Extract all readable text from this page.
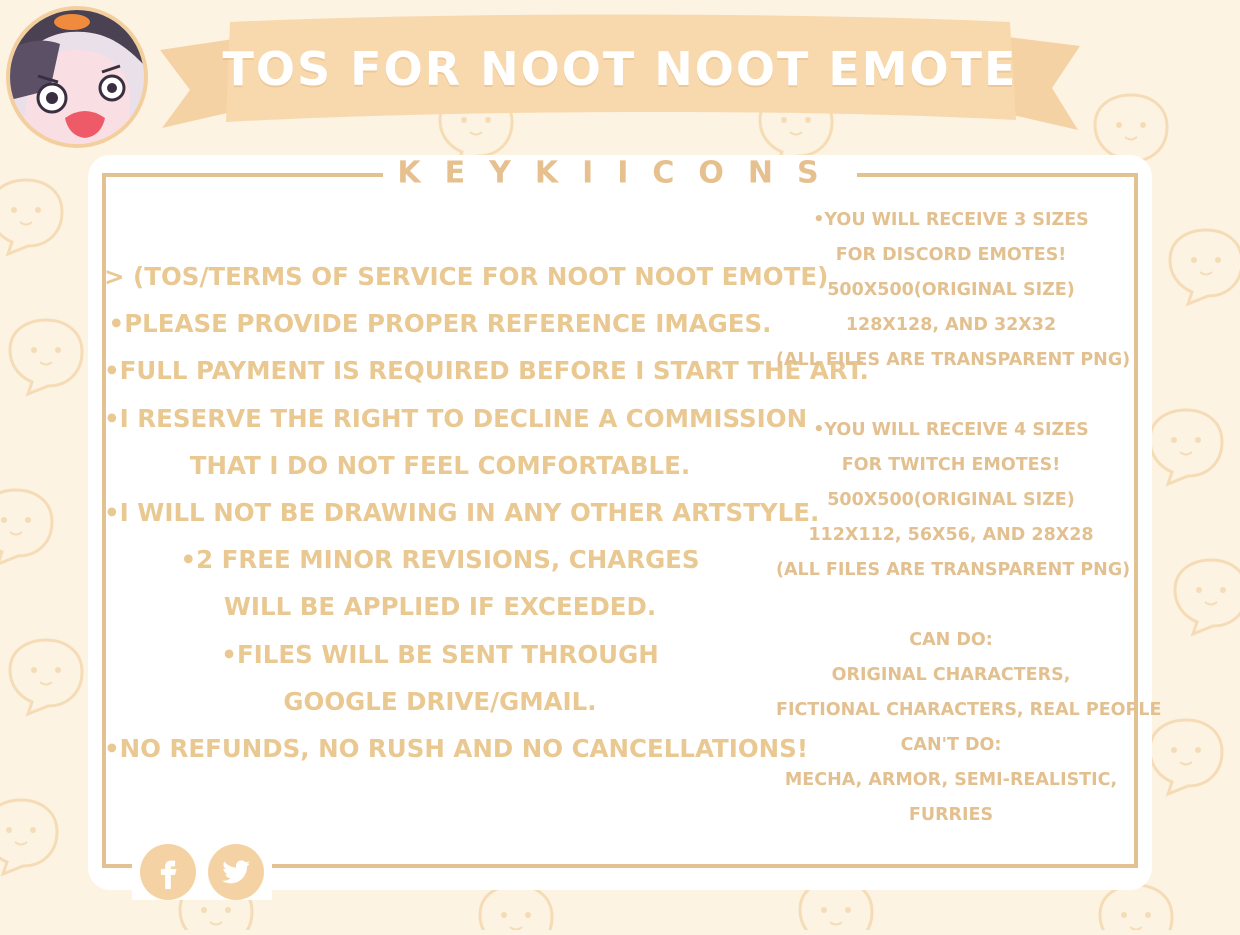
TOS FOR NOOT NOOT EMOTE
KEYKIICONS
> (TOS/TERMS OF SERVICE FOR NOOT NOOT EMOTE)
•PLEASE PROVIDE PROPER REFERENCE IMAGES.
•FULL PAYMENT IS REQUIRED BEFORE I START THE ART.
•I RESERVE THE RIGHT TO DECLINE A COMMISSION
THAT I DO NOT FEEL COMFORTABLE.
•I WILL NOT BE DRAWING IN ANY OTHER ARTSTYLE.
•2 FREE MINOR REVISIONS, CHARGES
WILL BE APPLIED IF EXCEEDED.
•FILES WILL BE SENT THROUGH
GOOGLE DRIVE/GMAIL.
•NO REFUNDS, NO RUSH AND NO CANCELLATIONS!
•YOU WILL RECEIVE 3 SIZES
FOR DISCORD EMOTES!
500X500(ORIGINAL SIZE)
128X128, AND 32X32
(ALL FILES ARE TRANSPARENT PNG)
•YOU WILL RECEIVE 4 SIZES
FOR TWITCH EMOTES!
500X500(ORIGINAL SIZE)
112X112, 56X56, AND 28X28
(ALL FILES ARE TRANSPARENT PNG)
CAN DO:
ORIGINAL CHARACTERS,
FICTIONAL CHARACTERS, REAL PEOPLE
CAN'T DO:
MECHA, ARMOR, SEMI-REALISTIC,
FURRIES
